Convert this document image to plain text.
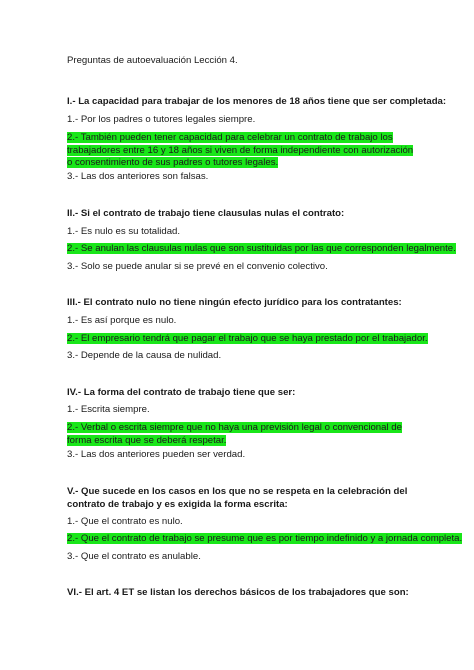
Preguntas de autoevaluación Lección 4.
I.- La capacidad para trabajar de los menores de 18 años tiene que ser completada:
1.- Por los padres o tutores legales siempre.
2.- También pueden tener capacidad para celebrar un contrato de trabajo los trabajadores entre 16 y 18 años si viven de forma independiente con autorización o consentimiento de sus padres o tutores legales.
3.- Las dos anteriores son falsas.
II.- Si el contrato de trabajo tiene clausulas nulas el contrato:
1.- Es nulo es su totalidad.
2.- Se anulan las clausulas nulas que son sustituidas por las que corresponden legalmente.
3.- Solo se puede anular si se prevé en el convenio colectivo.
III.- El contrato nulo no tiene ningún efecto jurídico para los contratantes:
1.- Es así porque es nulo.
2.- El empresario tendrá que pagar el trabajo que se haya prestado por el trabajador.
3.- Depende de la causa de nulidad.
IV.- La forma del contrato de trabajo tiene que ser:
1.- Escrita siempre.
2.- Verbal o escrita siempre que no haya una previsión legal o convencional de forma escrita que se deberá respetar.
3.- Las dos anteriores pueden ser verdad.
V.- Que sucede en los casos en los que no se respeta en la celebración del contrato de trabajo y es exigida la forma escrita:
1.- Que el contrato es nulo.
2.- Que el contrato de trabajo se presume que es por tiempo indefinido y a jornada completa.
3.- Que el contrato es anulable.
VI.- El art. 4 ET se listan los derechos básicos de los trabajadores que son:
